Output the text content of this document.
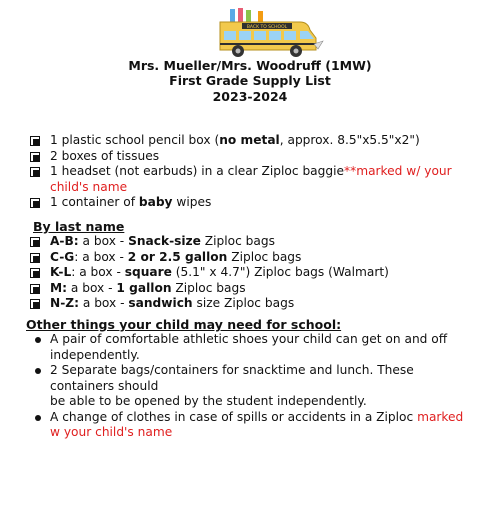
BACK TO SCHOOL
Mrs. Mueller/Mrs. Woodruff (1MW)
First Grade Supply List
2023-2024
1 plastic school pencil box (no metal, approx. 8.5"x5.5"x2")
2 boxes of tissues
1 headset (not earbuds) in a clear Ziploc baggie**marked w/ your child's name
1 container of baby wipes
By last name
A-B: a box - Snack-size Ziploc bags
C-G: a box - 2 or 2.5 gallon Ziploc bags
K-L: a box - square (5.1" x 4.7") Ziploc bags (Walmart)
M: a box - 1 gallon Ziploc bags
N-Z: a box - sandwich size Ziploc bags
Other things your child may need for school:
A pair of comfortable athletic shoes your child can get on and off independently.
2 Separate bags/containers for snacktime and lunch. These containers should
be able to be opened by the student independently.
A change of clothes in case of spills or accidents in a Ziploc marked w your child's name
